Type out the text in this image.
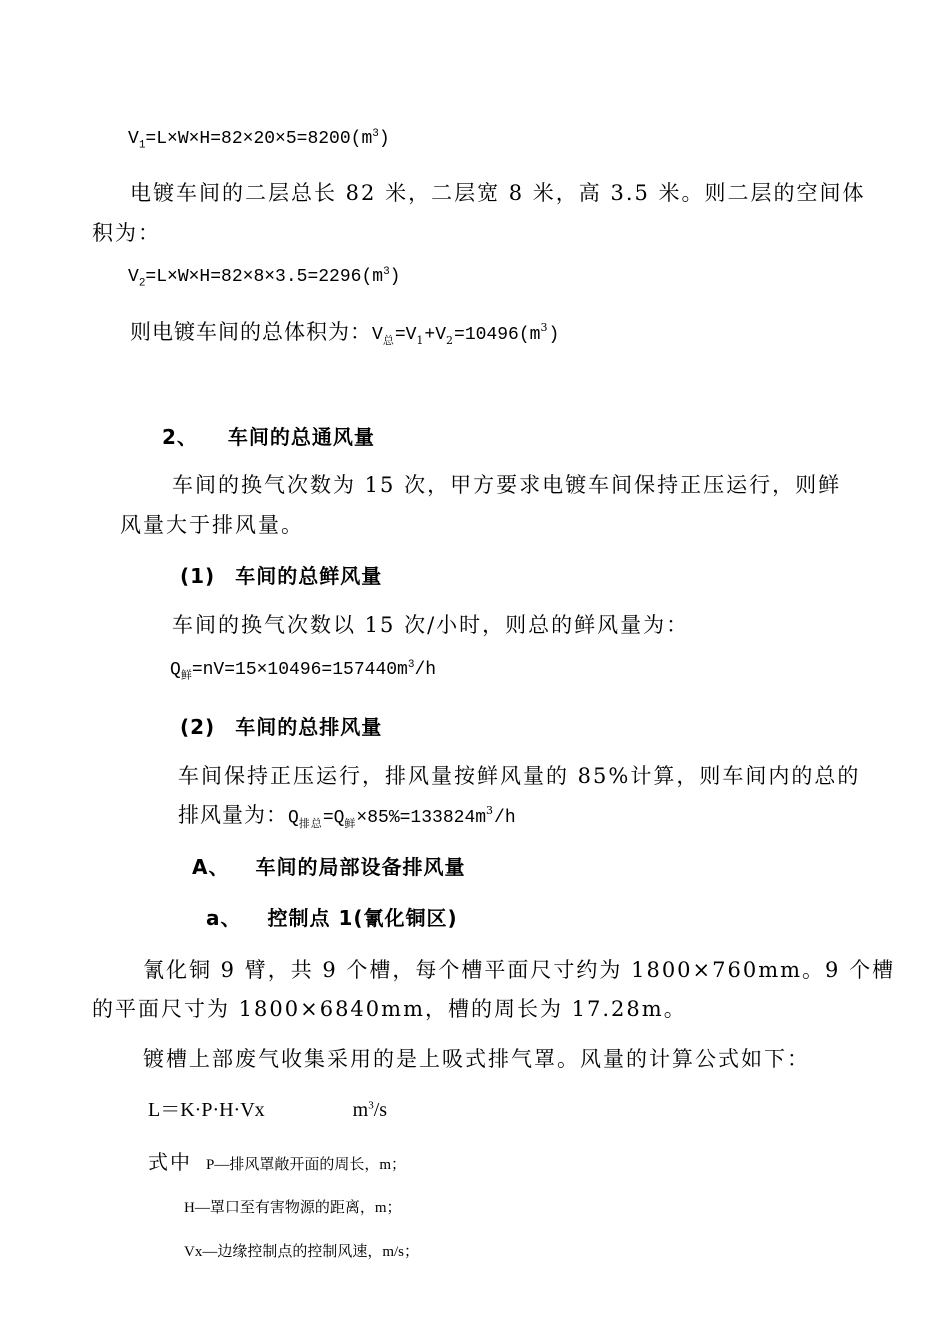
$V_1=L\times W\times H=82\times 20\times 5=8200(m^3)$
电镀车间的二层总长 82 米，二层宽 8 米，高 3.5 米。则二层的空间体
积为：
$V_2=L\times W\times H=82\times 8\times 3.5=2296(m^3)$
则电镀车间的总体积为：$V_总=V_1+V_2=10496(m^3)$
2、 车间的总通风量
车间的换气次数为 15 次，甲方要求电镀车间保持正压运行，则鲜
风量大于排风量。
(1) 车间的总鲜风量
车间的换气次数以 15 次/小时，则总的鲜风量为：
$Q_鲜=nV=15\times 10496=157440m^3/h$
(2) 车间的总排风量
车间保持正压运行，排风量按鲜风量的 85%计算，则车间内的总的
排风量为：$Q_{排总}=Q_鲜\times 85\%=133824m^3/h$
A、 车间的局部设备排风量
a、 控制点 1(氰化铜区)
氰化铜 9 臂，共 9 个槽，每个槽平面尺寸约为 1800×760mm。9 个槽
的平面尺寸为 1800×6840mm，槽的周长为 17.28m。
镀槽上部废气收集采用的是上吸式排气罩。风量的计算公式如下：
L＝K·P·H·Vx	$m^3/s$
式中 P—排风罩敞开面的周长，m；
H—罩口至有害物源的距离，m；
Vx—边缘控制点的控制风速，m/s；
